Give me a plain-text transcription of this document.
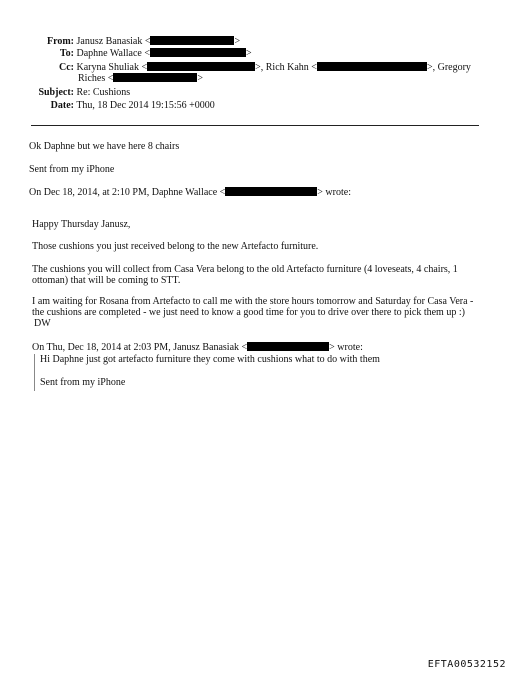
From: Janusz Banasiak <	>
To: Daphne Wallace <	>
Cc: Karyna Shuliak <	>, Rich Kahn <	>, Gregory
Riches <	>
Subject: Re: Cushions
Date: Thu, 18 Dec 2014 19:15:56 +0000
Ok Daphne but we have here 8 chairs
Sent from my iPhone
On Dec 18, 2014, at 2:10 PM, Daphne Wallace <	> wrote:
Happy Thursday Janusz,
Those cushions you just received belong to the new Artefacto furniture.
The cushions you will collect from Casa Vera belong to the old Artefacto furniture (4 loveseats, 4 chairs, 1
ottoman) that will be coming to STT.
I am waiting for Rosana from Artefacto to call me with the store hours tomorrow and Saturday for Casa Vera -
the cushions are completed - we just need to know a good time for you to drive over there to pick them up :)
DW
On Thu, Dec 18, 2014 at 2:03 PM, Janusz Banasiak <	> wrote:
Hi Daphne just got artefacto furniture they come with cushions what to do with them
Sent from my iPhone
EFTA00532152
